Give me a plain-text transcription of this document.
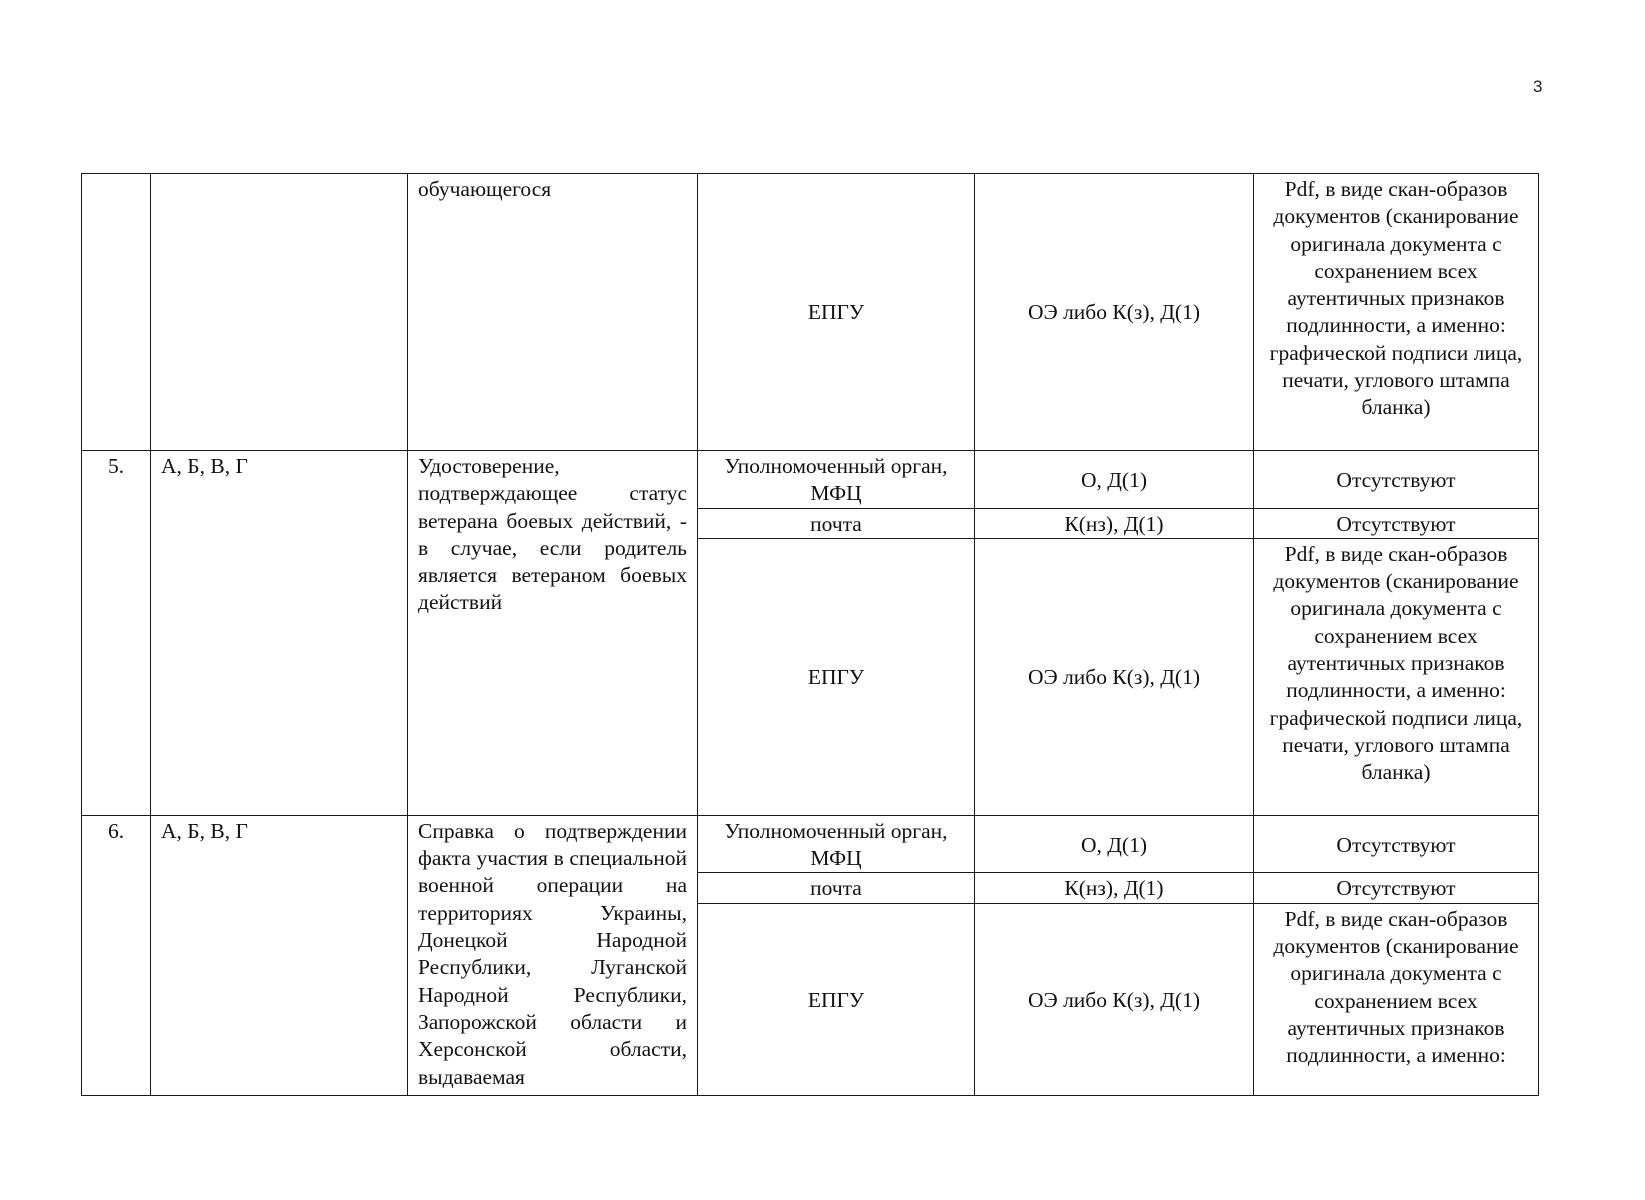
3
		обучающегося	ЕПГУ	ОЭ либо К(з), Д(1)	Pdf, в виде скан-образов документов (сканирование оригинала документа с сохранением всех аутентичных признаков подлинности, а именно: графической подписи лица, печати, углового штампа бланка)
5.	А, Б, В, Г	Удостоверение, подтверждающее статус ветерана боевых действий, - в случае, если родитель является ветераном боевых действий	Уполномоченный орган, МФЦ	О, Д(1)	Отсутствуют
			почта	К(нз), Д(1)	Отсутствуют
			ЕПГУ	ОЭ либо К(з), Д(1)	Pdf, в виде скан-образов документов (сканирование оригинала документа с сохранением всех аутентичных признаков подлинности, а именно: графической подписи лица, печати, углового штампа бланка)
6.	А, Б, В, Г	Справка о подтверждении факта участия в специальной военной операции на территориях Украины, Донецкой Народной Республики, Луганской Народной Республики, Запорожской области и Херсонской области, выдаваемая	Уполномоченный орган, МФЦ	О, Д(1)	Отсутствуют
			почта	К(нз), Д(1)	Отсутствуют
			ЕПГУ	ОЭ либо К(з), Д(1)	Pdf, в виде скан-образов документов (сканирование оригинала документа с сохранением всех аутентичных признаков подлинности, а именно:
